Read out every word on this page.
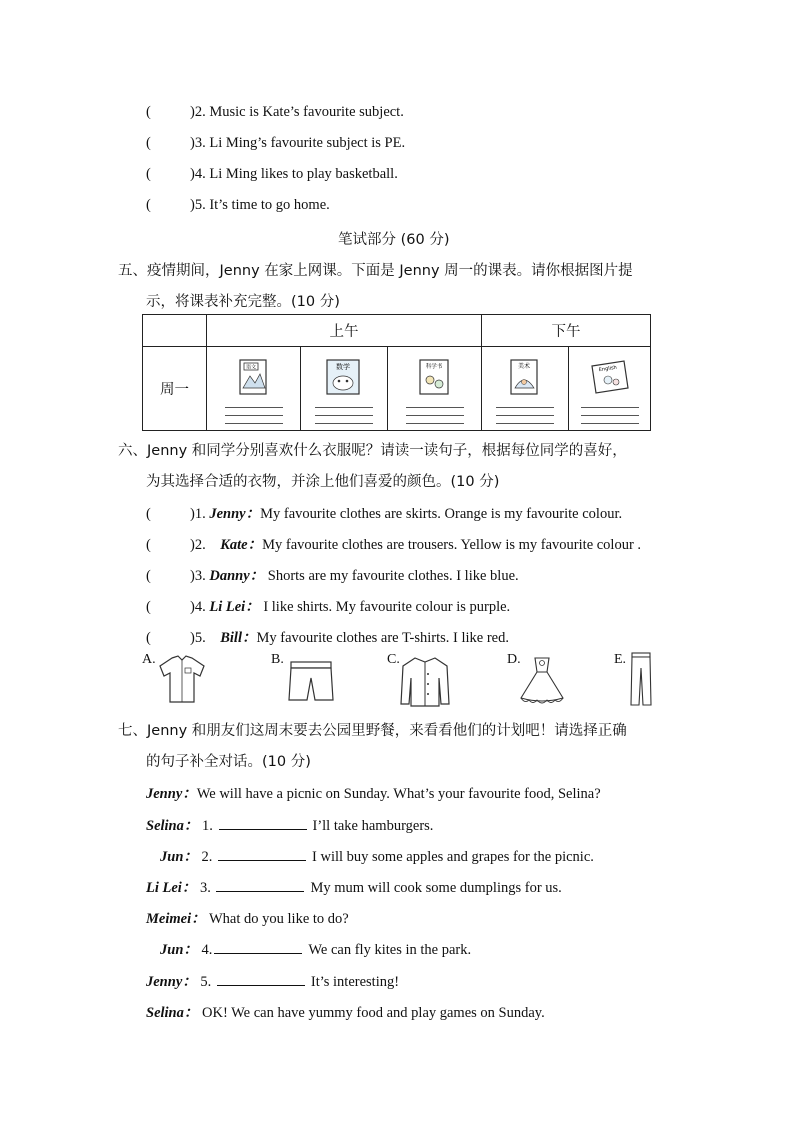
(	)2. Music is Kate’s favourite subject.
(	)3. Li Ming’s favourite subject is PE.
(	)4. Li Ming likes to play basketball.
(	)5. It’s time to go home.
笔试部分 (60 分)
五、疫情期间，Jenny 在家上网课。下面是 Jenny 周一的课表。请你根据图片提
示，将课表补充完整。(10 分)
	上午			下午	
周一	语文	数学	科学书	美术	English
六、Jenny 和同学分别喜欢什么衣服呢？请读一读句子，根据每位同学的喜好，
为其选择合适的衣物，并涂上他们喜爱的颜色。(10 分)
(	)1. Jenny：My favourite clothes are skirts. Orange is my favourite colour.
(	)2. Kate：My favourite clothes are trousers. Yellow is my favourite colour .
(	)3. Danny： Shorts are my favourite clothes. I like blue.
(	)4. Li Lei： I like shirts. My favourite colour is purple.
(	)5. Bill：My favourite clothes are T-shirts. I like red.
A.	B.	C.	D.	E.
七、Jenny 和朋友们这周末要去公园里野餐，来看看他们的计划吧！请选择正确
的句子补全对话。(10 分)
Jenny：We will have a picnic on Sunday. What’s your favourite food, Selina?
Selina： 1.	I’ll take hamburgers.
Jun： 2.	I will buy some apples and grapes for the picnic.
Li Lei： 3.	My mum will cook some dumplings for us.
Meimei： What do you like to do?
Jun： 4.	We can fly kites in the park.
Jenny： 5.	It’s interesting!
Selina： OK! We can have yummy food and play games on Sunday.
